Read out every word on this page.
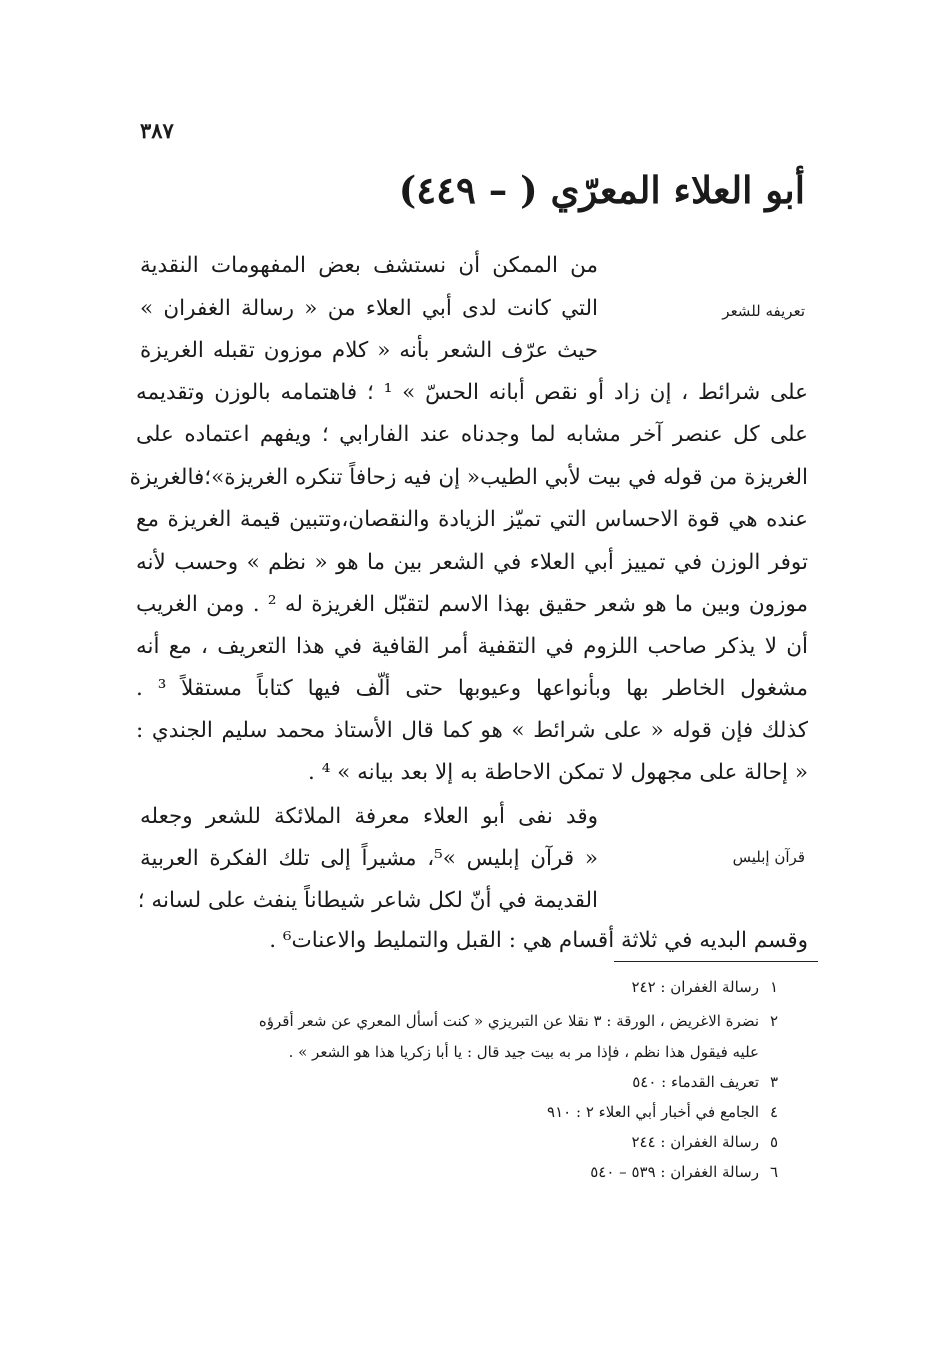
٣٨٧
أبو العلاء المعرّي ( – ٤٤٩)
تعريفه للشعر
قرآن إبليس
من الممكن أن نستشف بعض المفهومات النقدية
التي كانت لدى أبي العلاء من « رسالة الغفران »
حيث عرّف الشعر بأنه « كلام موزون تقبله الغريزة
على شرائط ، إن زاد أو نقص أبانه الحسّ » ¹ ؛ فاهتمامه بالوزن وتقديمه
على كل عنصر آخر مشابه لما وجدناه عند الفارابي ؛ ويفهم اعتماده على
الغريزة من قوله في بيت لأبي الطيب« إن فيه زحافاً تنكره الغريزة»؛فالغريزة
عنده هي قوة الاحساس التي تميّز الزيادة والنقصان،وتتبين قيمة الغريزة مع
توفر الوزن في تمييز أبي العلاء في الشعر بين ما هو « نظم » وحسب لأنه
موزون وبين ما هو شعر حقيق بهذا الاسم لتقبّل الغريزة له ² . ومن الغريب
أن لا يذكر صاحب اللزوم في التقفية أمر القافية في هذا التعريف ، مع أنه
مشغول الخاطر بها وبأنواعها وعيوبها حتى ألّف فيها كتاباً مستقلاً ³ .
كذلك فإن قوله « على شرائط » هو كما قال الأستاذ محمد سليم الجندي :
« إحالة على مجهول لا تمكن الاحاطة به إلا بعد بيانه » ⁴ .
وقد نفى أبو العلاء معرفة الملائكة للشعر وجعله
« قرآن إبليس »⁵، مشيراً إلى تلك الفكرة العربية
القديمة في أنّ لكل شاعر شيطاناً ينفث على لسانه ؛
وقسم البديه في ثلاثة أقسام هي : القبل والتمليط والاعنات⁶ .
١رسالة الغفران : ٢٤٢
٢نضرة الاغريض ، الورقة : ٣ نقلا عن التبريزي « كنت أسأل المعري عن شعر أقرؤه
عليه فيقول هذا نظم ، فإذا مر به بيت جيد قال : يا أبا زكريا هذا هو الشعر » .
٣تعريف القدماء : ٥٤٠
٤الجامع في أخبار أبي العلاء ٢ : ٩١٠
٥رسالة الغفران : ٢٤٤
٦رسالة الغفران : ٥٣٩ – ٥٤٠
